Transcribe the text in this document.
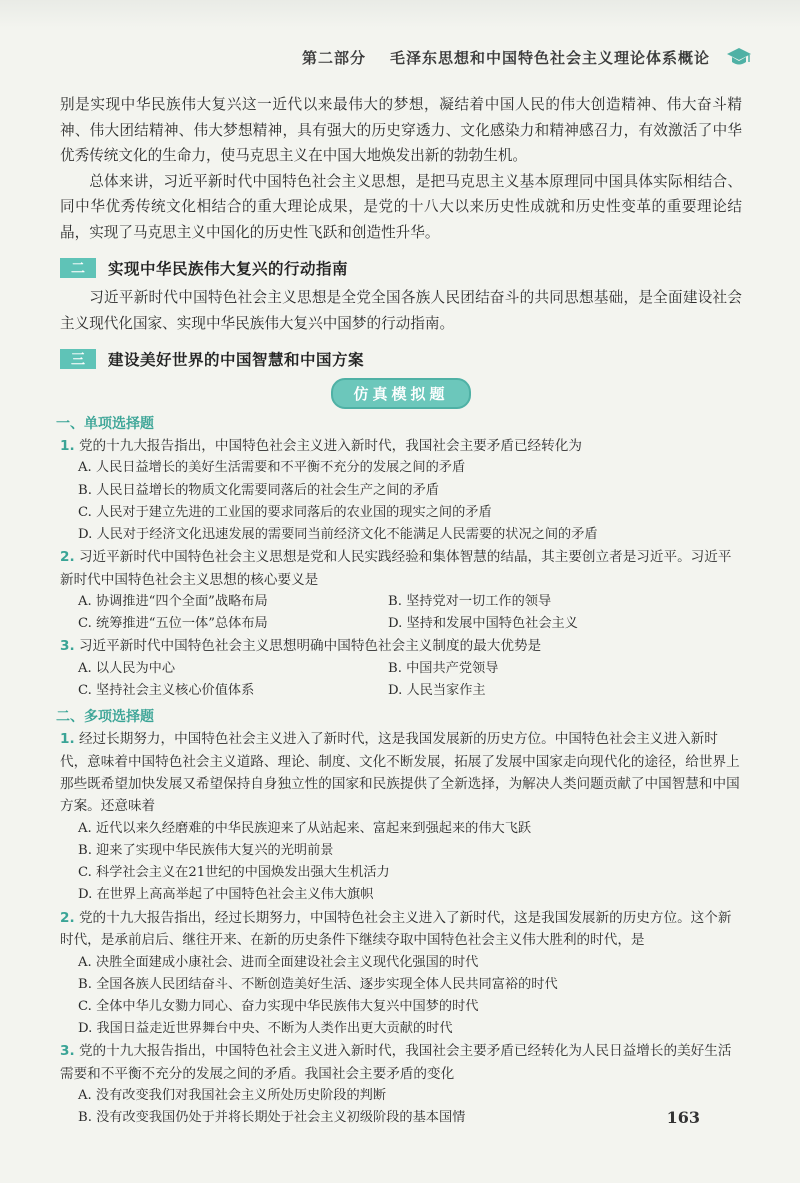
第二部分 毛泽东思想和中国特色社会主义理论体系概论

别是实现中华民族伟大复兴这一近代以来最伟大的梦想，凝结着中国人民的伟大创造精神、伟大奋斗精神、伟大团结精神、伟大梦想精神，具有强大的历史穿透力、文化感染力和精神感召力，有效激活了中华优秀传统文化的生命力，使马克思主义在中国大地焕发出新的勃勃生机。

总体来讲，习近平新时代中国特色社会主义思想，是把马克思主义基本原理同中国具体实际相结合、同中华优秀传统文化相结合的重大理论成果，是党的十八大以来历史性成就和历史性变革的重要理论结晶，实现了马克思主义中国化的历史性飞跃和创造性升华。

二	实现中华民族伟大复兴的行动指南

习近平新时代中国特色社会主义思想是全党全国各族人民团结奋斗的共同思想基础，是全面建设社会主义现代化国家、实现中华民族伟大复兴中国梦的行动指南。

三	建设美好世界的中国智慧和中国方案
仿真模拟题
一、单项选择题
1. 党的十九大报告指出，中国特色社会主义进入新时代，我国社会主要矛盾已经转化为
A. 人民日益增长的美好生活需要和不平衡不充分的发展之间的矛盾
B. 人民日益增长的物质文化需要同落后的社会生产之间的矛盾
C. 人民对于建立先进的工业国的要求同落后的农业国的现实之间的矛盾
D. 人民对于经济文化迅速发展的需要同当前经济文化不能满足人民需要的状况之间的矛盾
2. 习近平新时代中国特色社会主义思想是党和人民实践经验和集体智慧的结晶，其主要创立者是习近平。习近平新时代中国特色社会主义思想的核心要义是
A. 协调推进“四个全面”战略布局	B. 坚持党对一切工作的领导
C. 统筹推进“五位一体”总体布局	D. 坚持和发展中国特色社会主义
3. 习近平新时代中国特色社会主义思想明确中国特色社会主义制度的最大优势是
A. 以人民为中心	B. 中国共产党领导
C. 坚持社会主义核心价值体系	D. 人民当家作主
二、多项选择题
1. 经过长期努力，中国特色社会主义进入了新时代，这是我国发展新的历史方位。中国特色社会主义进入新时代，意味着中国特色社会主义道路、理论、制度、文化不断发展，拓展了发展中国家走向现代化的途径，给世界上那些既希望加快发展又希望保持自身独立性的国家和民族提供了全新选择，为解决人类问题贡献了中国智慧和中国方案。还意味着
A. 近代以来久经磨难的中华民族迎来了从站起来、富起来到强起来的伟大飞跃
B. 迎来了实现中华民族伟大复兴的光明前景
C. 科学社会主义在21世纪的中国焕发出强大生机活力
D. 在世界上高高举起了中国特色社会主义伟大旗帜
2. 党的十九大报告指出，经过长期努力，中国特色社会主义进入了新时代，这是我国发展新的历史方位。这个新时代，是承前启后、继往开来、在新的历史条件下继续夺取中国特色社会主义伟大胜利的时代，是
A. 决胜全面建成小康社会、进而全面建设社会主义现代化强国的时代
B. 全国各族人民团结奋斗、不断创造美好生活、逐步实现全体人民共同富裕的时代
C. 全体中华儿女勠力同心、奋力实现中华民族伟大复兴中国梦的时代
D. 我国日益走近世界舞台中央、不断为人类作出更大贡献的时代
3. 党的十九大报告指出，中国特色社会主义进入新时代，我国社会主要矛盾已经转化为人民日益增长的美好生活需要和不平衡不充分的发展之间的矛盾。我国社会主要矛盾的变化
A. 没有改变我们对我国社会主义所处历史阶段的判断
B. 没有改变我国仍处于并将长期处于社会主义初级阶段的基本国情	163
